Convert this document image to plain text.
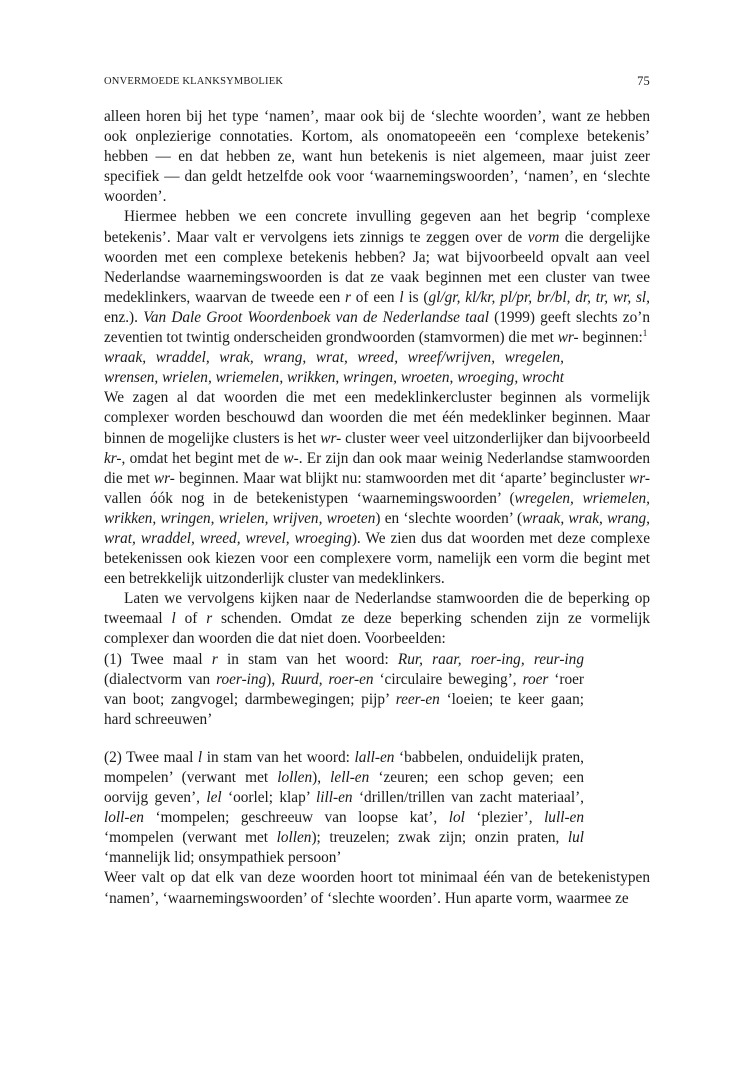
ONVERMOEDE KLANKSYMBOLIEK	75

alleen horen bij het type ‘namen’, maar ook bij de ‘slechte woorden’, want ze hebben ook onplezierige connotaties. Kortom, als onomatopeeën een ‘complexe betekenis’ hebben — en dat hebben ze, want hun betekenis is niet algemeen, maar juist zeer specifiek — dan geldt hetzelfde ook voor ‘waarnemingswoorden’, ‘namen’, en ‘slechte woorden’.

Hiermee hebben we een concrete invulling gegeven aan het begrip ‘complexe betekenis’. Maar valt er vervolgens iets zinnigs te zeggen over de vorm die dergelijke woorden met een complexe betekenis hebben? Ja; wat bijvoorbeeld opvalt aan veel Nederlandse waarnemingswoorden is dat ze vaak beginnen met een cluster van twee medeklinkers, waarvan de tweede een r of een l is (gl/gr, kl/kr, pl/pr, br/bl, dr, tr, wr, sl, enz.). Van Dale Groot Woordenboek van de Nederlandse taal (1999) geeft slechts zo’n zeventien tot twintig onderscheiden grondwoorden (stamvormen) die met wr- beginnen:$^1$

wraak, wraddel, wrak, wrang, wrat, wreed, wreef/wrijven, wregelen, wrensen, wrielen, wriemelen, wrikken, wringen, wroeten, wroeging, wrocht

We zagen al dat woorden die met een medeklinkercluster beginnen als vormelijk complexer worden beschouwd dan woorden die met één medeklinker beginnen. Maar binnen de mogelijke clusters is het wr- cluster weer veel uitzonderlijker dan bijvoorbeeld kr-, omdat het begint met de w-. Er zijn dan ook maar weinig Nederlandse stamwoorden die met wr- beginnen. Maar wat blijkt nu: stamwoorden met dit ‘aparte’ begincluster wr- vallen óók nog in de betekenistypen ‘waarnemingswoorden’ (wregelen, wriemelen, wrikken, wringen, wrielen, wrijven, wroeten) en ‘slechte woorden’ (wraak, wrak, wrang, wrat, wraddel, wreed, wrevel, wroeging). We zien dus dat woorden met deze complexe betekenissen ook kiezen voor een complexere vorm, namelijk een vorm die begint met een betrekkelijk uitzonderlijk cluster van medeklinkers.

Laten we vervolgens kijken naar de Nederlandse stamwoorden die de beperking op tweemaal l of r schenden. Omdat ze deze beperking schenden zijn ze vormelijk complexer dan woorden die dat niet doen. Voorbeelden:

(1) Twee maal r in stam van het woord: Rur, raar, roer-ing, reur-ing (dialectvorm van roer-ing), Ruurd, roer-en ‘circulaire beweging’, roer ‘roer van boot; zangvogel; darmbewegingen; pijp’ reer-en ‘loeien; te keer gaan; hard schreeuwen’

(2) Twee maal l in stam van het woord: lall-en ‘babbelen, onduidelijk praten, mompelen’ (verwant met lollen), lell-en ‘zeuren; een schop geven; een oorvijg geven’, lel ‘oorlel; klap’ lill-en ‘drillen/trillen van zacht materiaal’, loll-en ‘mompelen; geschreeuw van loopse kat’, lol ‘plezier’, lull-en ‘mompelen (verwant met lollen); treuzelen; zwak zijn; onzin praten, lul ‘mannelijk lid; onsympathiek persoon’

Weer valt op dat elk van deze woorden hoort tot minimaal één van de betekenistypen ‘namen’, ‘waarnemingswoorden’ of ‘slechte woorden’. Hun aparte vorm, waarmee ze
